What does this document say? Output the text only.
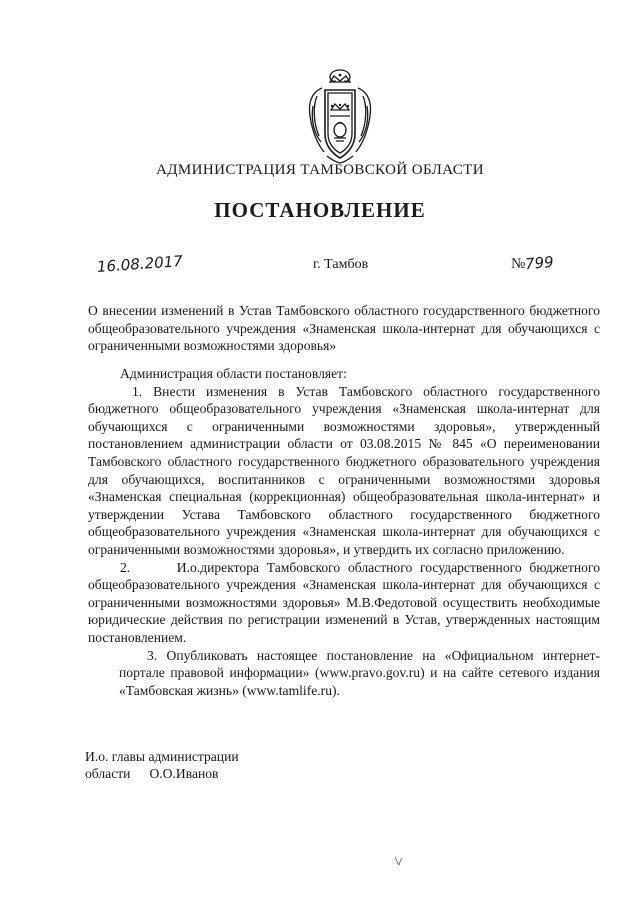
АДМИНИСТРАЦИЯ ТАМБОВСКОЙ ОБЛАСТИ
ПОСТАНОВЛЕНИЕ
16.08.2017	г. Тамбов	№799
О внесении изменений в Устав Тамбовского областного государственного бюджетного общеобразовательного учреждения «Знаменская школа-интернат для обучающихся с ограниченными возможностями здоровья»

Администрация области постановляет:

1. Внести изменения в Устав Тамбовского областного государственного бюджетного общеобразовательного учреждения «Знаменская школа-интернат для обучающихся с ограниченными возможностями здоровья», утвержденный постановлением администрации области от 03.08.2015 № 845 «О переименовании Тамбовского областного государственного бюджетного образовательного учреждения для обучающихся, воспитанников с ограниченными возможностями здоровья «Знаменская специальная (коррекционная) общеобразовательная школа-интернат» и утверждении Устава Тамбовского областного государственного бюджетного общеобразовательного учреждения «Знаменская школа-интернат для обучающихся с ограниченными возможностями здоровья», и утвердить их согласно приложению.

2.	И.о.директора Тамбовского областного государственного бюджетного общеобразовательного учреждения «Знаменская школа-интернат для обучающихся с ограниченными возможностями здоровья» М.В.Федотовой осуществить необходимые юридические действия по регистрации изменений в Устав, утвержденных настоящим постановлением.

3. Опубликовать настоящее постановление на «Официальном интернет-портале правовой информации» (www.pravo.gov.ru) и на сайте сетевого издания «Тамбовская жизнь» (www.tamlife.ru).

И.о. главы администрации
области О.О.Иванов
